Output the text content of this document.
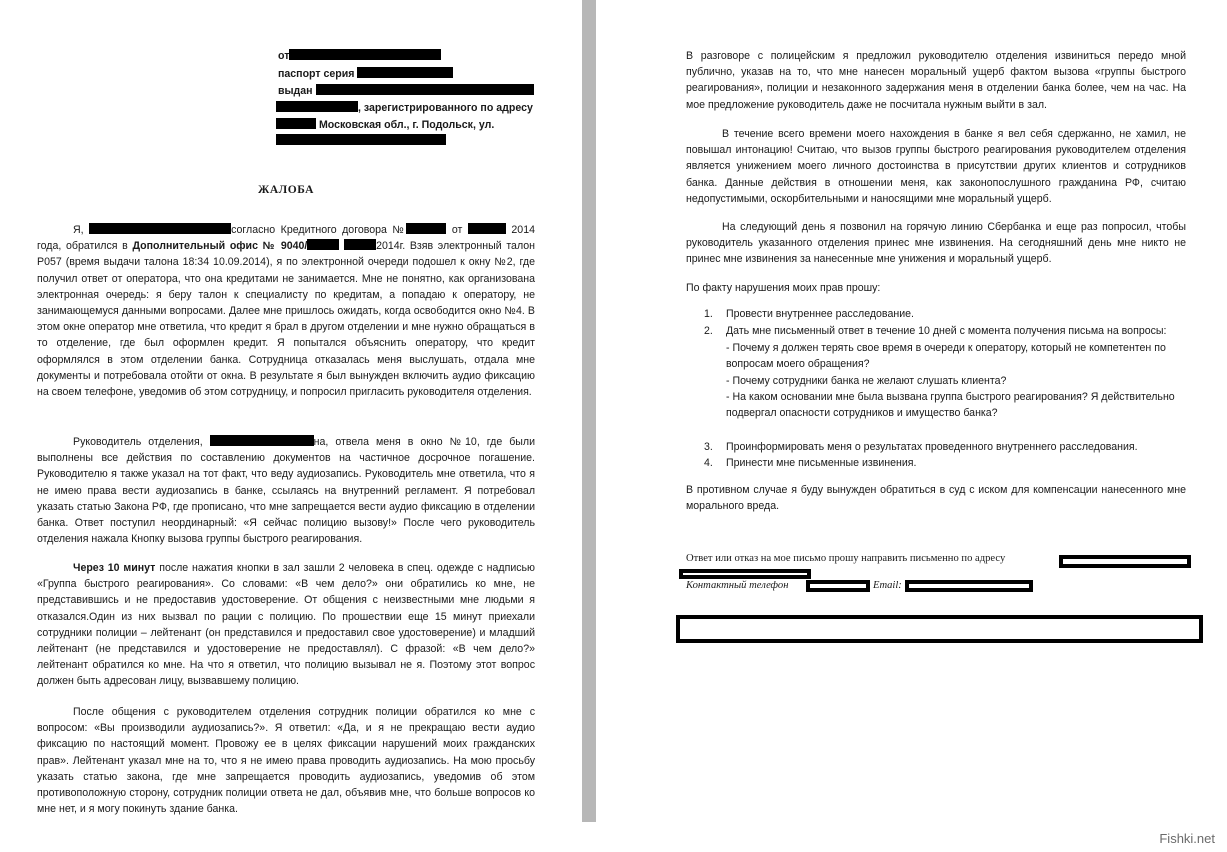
от
паспорт серия
выдан
, зарегистрированного по адресу
Московская обл., г. Подольск, ул.
ЖАЛОБА

Я,	согласно Кредитного договора №	от	2014 года, обратился в Дополнительный офис № 9040/	2014г. Взяв электронный талон Р057 (время выдачи талона 18:34 10.09.2014), я по электронной очереди подошел к окну №2, где получил ответ от оператора, что она кредитами не занимается. Мне не понятно, как организована электронная очередь: я беру талон к специалисту по кредитам, а попадаю к оператору, не занимающемуся данными вопросами. Далее мне пришлось ожидать, когда освободится окно №4. В этом окне оператор мне ответила, что кредит я брал в другом отделении и мне нужно обращаться в то отделение, где был оформлен кредит. Я попытался объяснить оператору, что кредит оформлялся в этом отделении банка. Сотрудница отказалась меня выслушать, отдала мне документы и потребовала отойти от окна. В результате я был вынужден включить аудио фиксацию на своем телефоне, уведомив об этом сотрудницу, и попросил пригласить руководителя отделения.

Руководитель отделения,	на, отвела меня в окно №10, где были выполнены все действия по составлению документов на частичное досрочное погашение. Руководителю я также указал на тот факт, что веду аудиозапись. Руководитель мне ответила, что я не имею права вести аудиозапись в банке, ссылаясь на внутренний регламент. Я потребовал указать статью Закона РФ, где прописано, что мне запрещается вести аудио фиксацию в отделении банка. Ответ поступил неординарный: «Я сейчас полицию вызову!» После чего руководитель отделения нажала Кнопку вызова группы быстрого реагирования.

Через 10 минут после нажатия кнопки в зал зашли 2 человека в спец. одежде с надписью «Группа быстрого реагирования». Со словами: «В чем дело?» они обратились ко мне, не представившись и не предоставив удостоверение. От общения с неизвестными мне людьми я отказался.Один из них вызвал по рации с полицию. По прошествии еще 15 минут приехали сотрудники полиции – лейтенант (он представился и предоставил свое удостоверение) и младший лейтенант (не представился и удостоверение не предоставлял). С фразой: «В чем дело?» лейтенант обратился ко мне. На что я ответил, что полицию вызывал не я. Поэтому этот вопрос должен быть адресован лицу, вызвавшему полицию.

После общения с руководителем отделения сотрудник полиции обратился ко мне с вопросом: «Вы производили аудиозапись?». Я ответил: «Да, и я не прекращаю вести аудио фиксацию по настоящий момент. Провожу ее в целях фиксации нарушений моих гражданских прав». Лейтенант указал мне на то, что я не имею права проводить аудиозапись. На мою просьбу указать статью закона, где мне запрещается проводить аудиозапись, уведомив об этом противоположную сторону, сотрудник полиции ответа не дал, объявив мне, что больше вопросов ко мне нет, и я могу покинуть здание банка.

В разговоре с полицейским я предложил руководителю отделения извиниться передо мной публично, указав на то, что мне нанесен моральный ущерб фактом вызова «группы быстрого реагирования», полиции и незаконного задержания меня в отделении банка более, чем на час. На мое предложение руководитель даже не посчитала нужным выйти в зал.

В течение всего времени моего нахождения в банке я вел себя сдержанно, не хамил, не повышал интонацию! Считаю, что вызов группы быстрого реагирования руководителем отделения является унижением моего личного достоинства в присутствии других клиентов и сотрудников банка. Данные действия в отношении меня, как законопослушного гражданина РФ, считаю недопустимыми, оскорбительными и наносящими мне моральный ущерб.

На следующий день я позвонил на горячую линию Сбербанка и еще раз попросил, чтобы руководитель указанного отделения принес мне извинения. На сегодняшний день мне никто не принес мне извинения за нанесенные мне унижения и моральный ущерб.

По факту нарушения моих прав прошу:

1. Провести внутреннее расследование.
2. Дать мне письменный ответ в течение 10 дней с момента получения письма на вопросы:

- Почему я должен терять свое время в очереди к оператору, который не компетентен по вопросам моего обращения?

- Почему сотрудники банка не желают слушать клиента?

- На каком основании мне была вызвана группа быстрого реагирования? Я действительно подвергал опасности сотрудников и имущество банка?

3. Проинформировать меня о результатах проведенного внутреннего расследования.
4. Принести мне письменные извинения.

В противном случае я буду вынужден обратиться в суд с иском для компенсации нанесенного мне морального вреда.

Ответ или отказ на мое письмо прошу направить письменно по адресу
Контактный телефон	Email:
Fishki.net
